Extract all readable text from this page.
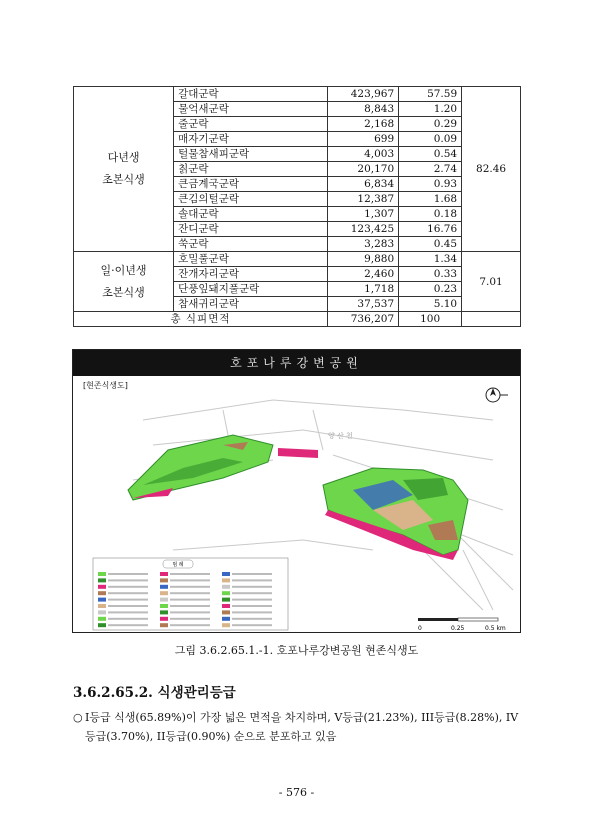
다년생
초본식생	갈대군락	423,967	57.59	82.46
	물억새군락	8,843	1.20	
	줄군락	2,168	0.29	
	매자기군락	699	0.09	
	털물참새피군락	4,003	0.54	
	칡군락	20,170	2.74	
	큰금계국군락	6,834	0.93	
	큰김의털군락	12,387	1.68	
	솔대군락	1,307	0.18	
	잔디군락	123,425	16.76	
	쑥군락	3,283	0.45	

일·이년생
초본식생	호밀풀군락	9,880	1.34	7.01
	잔개자리군락	2,460	0.33	
	단풍잎돼지풀군락	1,718	0.23	
	참새귀리군락	37,537	5.10	
총 식피면적		736,207	100	
호포나루강변공원
[현존식생도]
양 산 천
범 례
0	0.25	0.5 km
그림 3.6.2.65.1.-1. 호포나루강변공원 현존식생도
3.6.2.65.2. 식생관리등급
○ I등급 식생(65.89%)이 가장 넓은 면적을 차지하며, V등급(21.23%), III등급(8.28%), IV등급(3.70%), II등급(0.90%) 순으로 분포하고 있음
- 576 -
